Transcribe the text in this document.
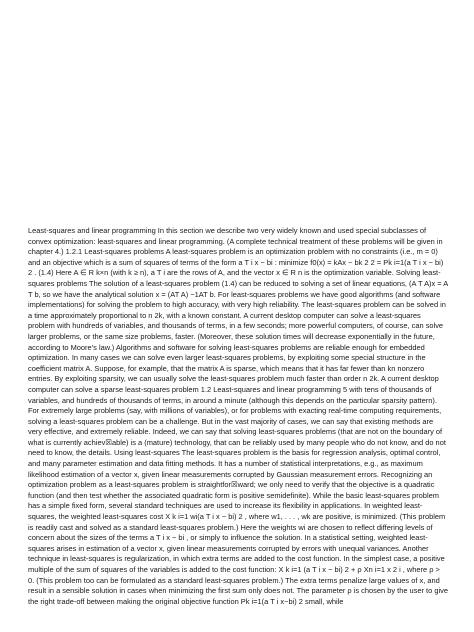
Least-squares and linear programming In this section we describe two very widely known and used special subclasses of convex optimization: least-squares and linear programming. (A complete technical treatment of these problems will be given in chapter 4.) 1.2.1 Least-squares problems A least-squares problem is an optimization problem with no constraints (i.e., m = 0) and an objective which is a sum of squares of terms of the form a T i x − bi : minimize f0(x) = kAx − bk 2 2 = Pk i=1(a T i x − bi) 2 . (1.4) Here A ∈ R k×n (with k ≥ n), a T i are the rows of A, and the vector x ∈ R n is the optimization variable. Solving least-squares problems The solution of a least-squares problem (1.4) can be reduced to solving a set of linear equations, (A T A)x = A T b, so we have the analytical solution x = (AT A) −1AT b. For least-squares problems we have good algorithms (and software implementations) for solving the problem to high accuracy, with very high reliability. The least-squares problem can be solved in a time approximately proportional to n 2k, with a known constant. A current desktop computer can solve a least-squares problem with hundreds of variables, and thousands of terms, in a few seconds; more powerful computers, of course, can solve larger problems, or the same size problems, faster. (Moreover, these solution times will decrease exponentially in the future, according to Moore’s law.) Algorithms and software for solving least-squares problems are reliable enough for embedded optimization. In many cases we can solve even larger least-squares problems, by exploiting some special structure in the coefficient matrix A. Suppose, for example, that the matrix A is sparse, which means that it has far fewer than kn nonzero entries. By exploiting sparsity, we can usually solve the least-squares problem much faster than order n 2k. A current desktop computer can solve a sparse least-squares problem 1.2 Least-squares and linear programming 5 with tens of thousands of variables, and hundreds of thousands of terms, in around a minute (although this depends on the particular sparsity pattern). For extremely large problems (say, with millions of variables), or for problems with exacting real-time computing requirements, solving a least-squares problem can be a challenge. But in the vast majority of cases, we can say that existing methods are very effective, and extremely reliable. Indeed, we can say that solving least-squares problems (that are not on the boundary of what is currently achiev☒able) is a (mature) technology, that can be reliably used by many people who do not know, and do not need to know, the details. Using least-squares The least-squares problem is the basis for regression analysis, optimal control, and many parameter estimation and data fitting methods. It has a number of statistical interpretations, e.g., as maximum likelihood estimation of a vector x, given linear measurements corrupted by Gaussian measurement errors. Recognizing an optimization problem as a least-squares problem is straightfor☒ward; we only need to verify that the objective is a quadratic function (and then test whether the associated quadratic form is positive semidefinite). While the basic least-squares problem has a simple fixed form, several standard techniques are used to increase its flexibility in applications. In weighted least-squares, the weighted least-squares cost X k i=1 wi(a T i x − bi) 2 , where w1, . . . , wk are positive, is minimized. (This problem is readily cast and solved as a standard least-squares problem.) Here the weights wi are chosen to reflect differing levels of concern about the sizes of the terms a T i x − bi , or simply to influence the solution. In a statistical setting, weighted least-squares arises in estimation of a vector x, given linear measurements corrupted by errors with unequal variances. Another technique in least-squares is regularization, in which extra terms are added to the cost function. In the simplest case, a positive multiple of the sum of squares of the variables is added to the cost function: X k i=1 (a T i x − bi) 2 + ρ Xn i=1 x 2 i , where ρ > 0. (This problem too can be formulated as a standard least-squares problem.) The extra terms penalize large values of x, and result in a sensible solution in cases when minimizing the first sum only does not. The parameter ρ is chosen by the user to give the right trade-off between making the original objective function Pk i=1(a T i x−bi) 2 small, while
